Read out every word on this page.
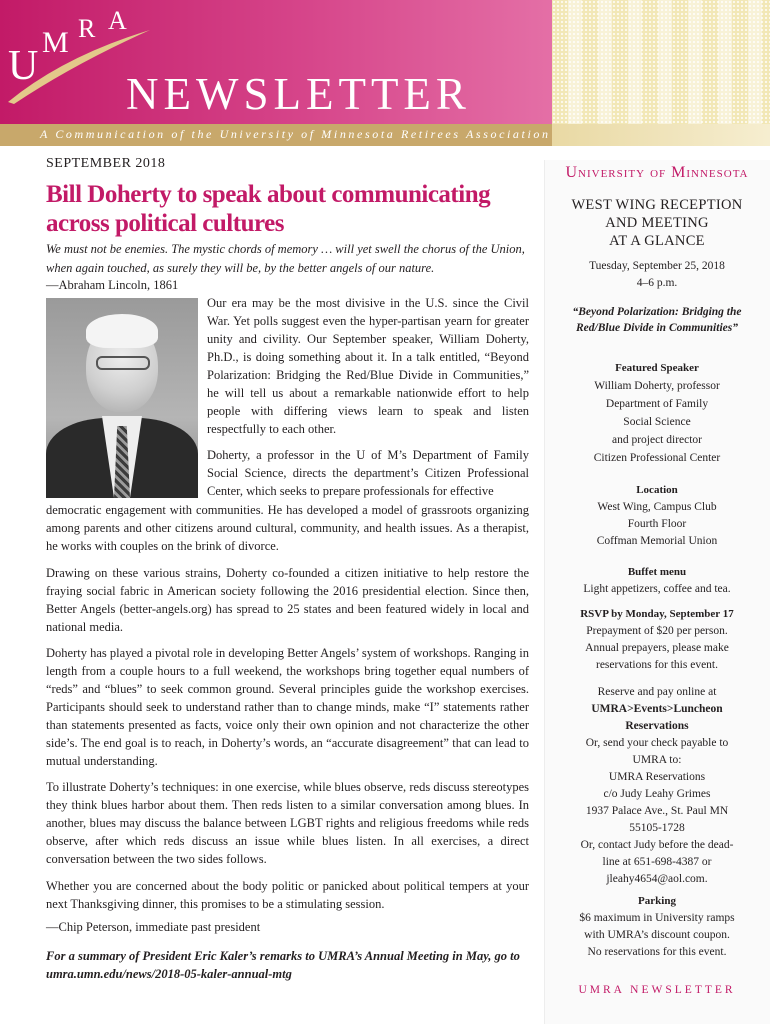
U
M R A
NEWSLETTER
A Communication of the University of Minnesota Retirees Association
SEPTEMBER 2018
Bill Doherty to speak about communicating
across political cultures

We must not be enemies. The mystic chords of memory … will yet swell the chorus of the Union, when again touched, as surely they will be, by the better angels of our nature.

—Abraham Lincoln, 1861

Our era may be the most divisive in the U.S. since the Civil War. Yet polls suggest even the hyper-partisan yearn for greater unity and civility. Our September speaker, William Doherty, Ph.D., is doing something about it. In a talk entitled, “Beyond Polarization: Bridging the Red/Blue Divide in Communities,” he will tell us about a remarkable nationwide effort to help people with differing views learn to speak and listen respectfully to each other.

Doherty, a professor in the U of M’s Department of Family Social Science, directs the department’s Citizen Professional Center, which seeks to prepare professionals for effective

democratic engagement with communities. He has developed a model of grassroots organizing among parents and other citizens around cultural, community, and health issues. As a therapist, he works with couples on the brink of divorce.

Drawing on these various strains, Doherty co-founded a citizen initiative to help restore the fraying social fabric in American society following the 2016 presidential election. Since then, Better Angels (better-angels.org) has spread to 25 states and been featured widely in local and national media.

Doherty has played a pivotal role in developing Better Angels’ system of workshops. Ranging in length from a couple hours to a full weekend, the workshops bring together equal numbers of “reds” and “blues” to seek common ground. Several principles guide the workshop exercises. Participants should seek to understand rather than to change minds, make “I” statements rather than statements presented as facts, voice only their own opinion and not characterize the other side’s. The end goal is to reach, in Doherty’s words, an “accurate disagreement” that can lead to mutual understanding.

To illustrate Doherty’s techniques: in one exercise, while blues observe, reds discuss stereotypes they think blues harbor about them. Then reds listen to a similar conversation among blues. In another, blues may discuss the balance between LGBT rights and religious freedoms while reds observe, after which reds discuss an issue while blues listen. In all exercises, a direct conversation between the two sides follows.

Whether you are concerned about the body politic or panicked about political tempers at your next Thanksgiving dinner, this promises to be a stimulating session.

—Chip Peterson, immediate past president

For a summary of President Eric Kaler’s remarks to UMRA’s Annual Meeting in May, go to umra.umn.edu/news/2018-05-kaler-annual-mtg

University of Minnesota
WEST WING RECEPTION
AND MEETING
AT A GLANCE
Tuesday, September 25, 2018
4–6 p.m.
“Beyond Polarization: Bridging the Red/Blue Divide in Communities”
Featured Speaker
William Doherty, professor
Department of Family
Social Science
and project director
Citizen Professional Center
Location
West Wing, Campus Club
Fourth Floor
Coffman Memorial Union
Buffet menu
Light appetizers, coffee and tea.
RSVP by Monday, September 17
Prepayment of $20 per person.
Annual prepayers, please make
reservations for this event.
Reserve and pay online at
UMRA>Events>Luncheon
Reservations
Or, send your check payable to
UMRA to:
UMRA Reservations
c/o Judy Leahy Grimes
1937 Palace Ave., St. Paul MN
55105-1728
Or, contact Judy before the dead-
line at 651-698-4387 or
jleahy4654@aol.com.
Parking
$6 maximum in University ramps
with UMRA’s discount coupon.
No reservations for this event.
UMRA NEWSLETTER
